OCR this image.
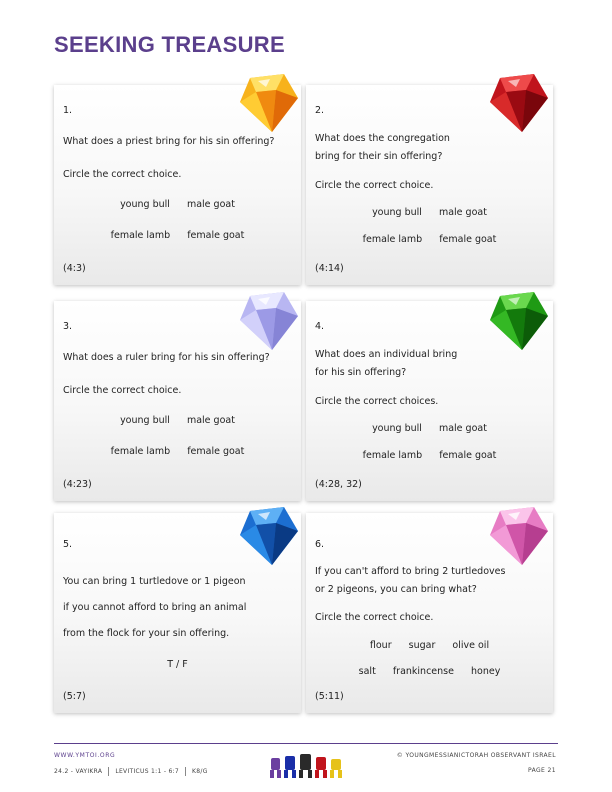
SEEKING TREASURE
1.
What does a priest bring for his sin offering?
Circle the correct choice.
young bull male goat
female lamb female goat
(4:3)
2.
What does the congregation
bring for their sin offering?
Circle the correct choice.
young bull male goat
female lamb female goat
(4:14)
3.
What does a ruler bring for his sin offering?
Circle the correct choice.
young bull male goat
female lamb female goat
(4:23)
4.
What does an individual bring
for his sin offering?
Circle the correct choices.
young bull male goat
female lamb female goat
(4:28, 32)
5.
You can bring 1 turtledove or 1 pigeon
if you cannot afford to bring an animal
from the flock for your sin offering.
T / F
(5:7)
6.
If you can't afford to bring 2 turtledoves
or 2 pigeons, you can bring what?
Circle the correct choice.
flour sugar olive oil
salt frankincense honey
(5:11)
WWW.YMTOI.ORG
24.2 - VAYIKRA LEVITICUS 1:1 - 6:7 K8/G
© YOUNGMESSIANICTORAH OBSERVANT ISRAEL
PAGE 21
